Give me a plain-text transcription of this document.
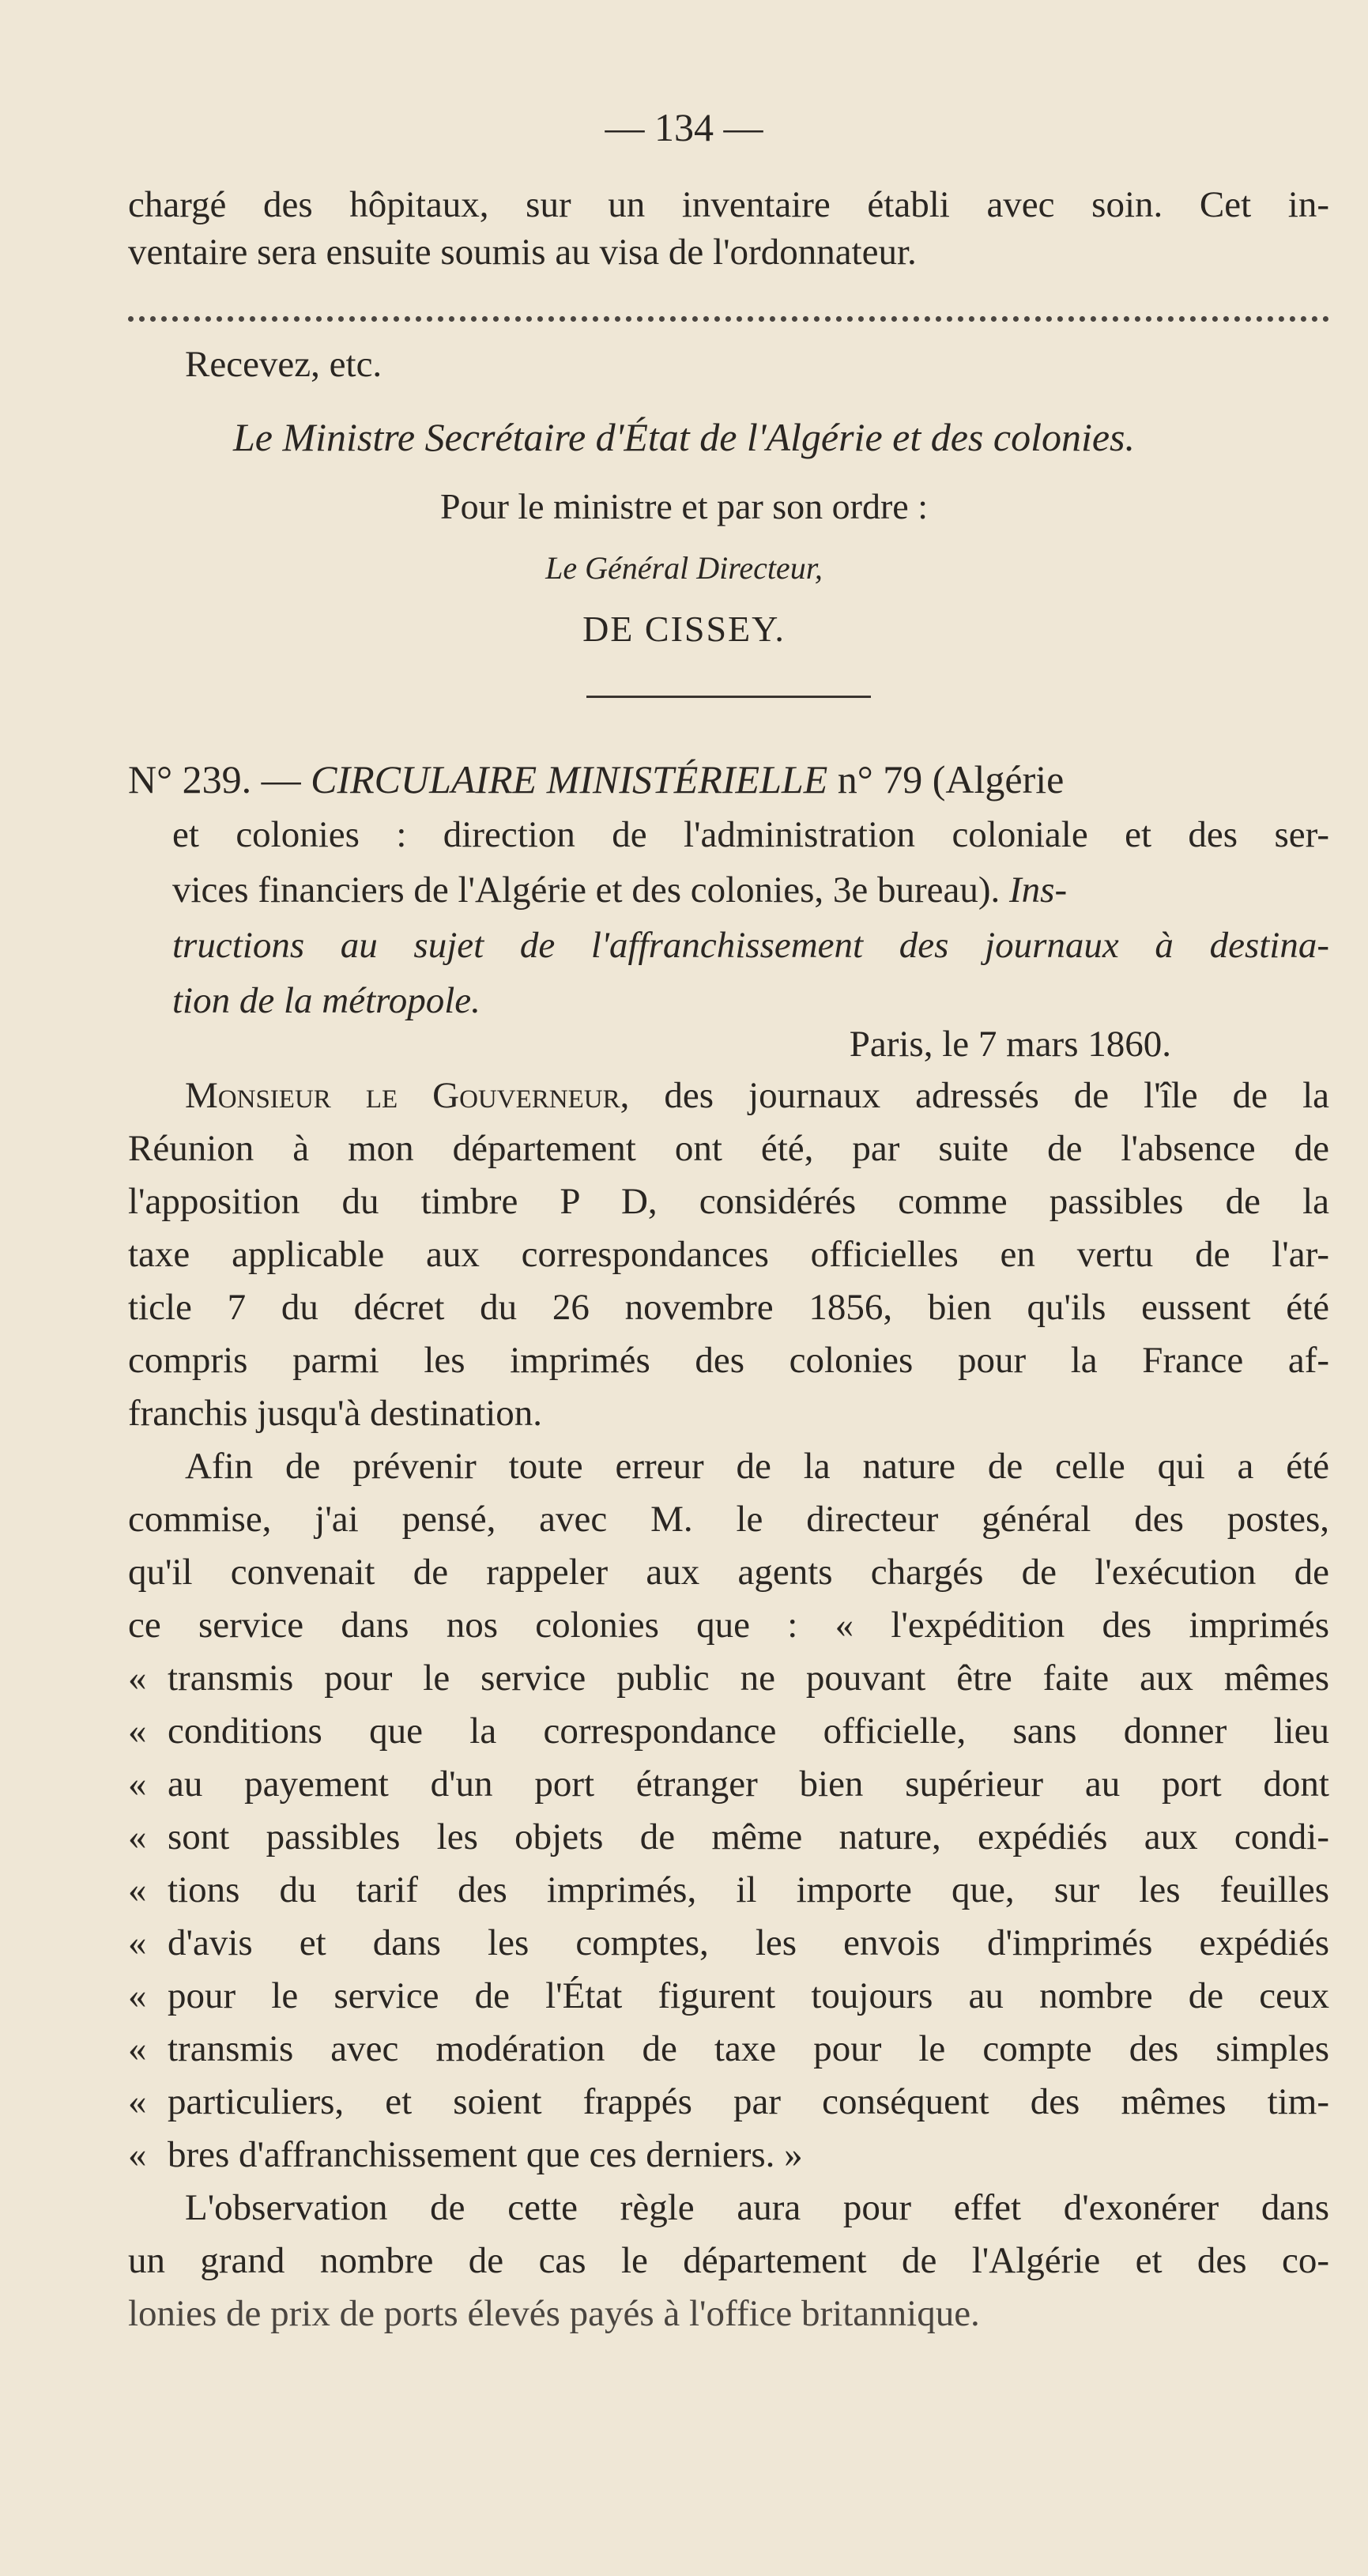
— 134 —
chargé des hôpitaux, sur un inventaire établi avec soin. Cet in-
ventaire sera ensuite soumis au visa de l'ordonnateur.
Recevez, etc.
Le Ministre Secrétaire d'État de l'Algérie et des colonies.
Pour le ministre et par son ordre :
Le Général Directeur,
DE CISSEY.
N° 239. — CIRCULAIRE MINISTÉRIELLE n° 79 (Algérie
et colonies : direction de l'administration coloniale et des ser-
vices financiers de l'Algérie et des colonies, 3e bureau). Ins-
tructions au sujet de l'affranchissement des journaux à destina-
tion de la métropole.
Paris, le 7 mars 1860.
Monsieur le Gouverneur, des journaux adressés de l'île de la
Réunion à mon département ont été, par suite de l'absence de
l'apposition du timbre P D, considérés comme passibles de la
taxe applicable aux correspondances officielles en vertu de l'ar-
ticle 7 du décret du 26 novembre 1856, bien qu'ils eussent été
compris parmi les imprimés des colonies pour la France af-
franchis jusqu'à destination.
Afin de prévenir toute erreur de la nature de celle qui a été
commise, j'ai pensé, avec M. le directeur général des postes,
qu'il convenait de rappeler aux agents chargés de l'exécution de
ce service dans nos colonies que : « l'expédition des imprimés
« transmis pour le service public ne pouvant être faite aux mêmes
« conditions que la correspondance officielle, sans donner lieu
« au payement d'un port étranger bien supérieur au port dont
« sont passibles les objets de même nature, expédiés aux condi-
« tions du tarif des imprimés, il importe que, sur les feuilles
« d'avis et dans les comptes, les envois d'imprimés expédiés
« pour le service de l'État figurent toujours au nombre de ceux
« transmis avec modération de taxe pour le compte des simples
« particuliers, et soient frappés par conséquent des mêmes tim-
« bres d'affranchissement que ces derniers. »
L'observation de cette règle aura pour effet d'exonérer dans
un grand nombre de cas le département de l'Algérie et des co-
lonies de prix de ports élevés payés à l'office britannique.
